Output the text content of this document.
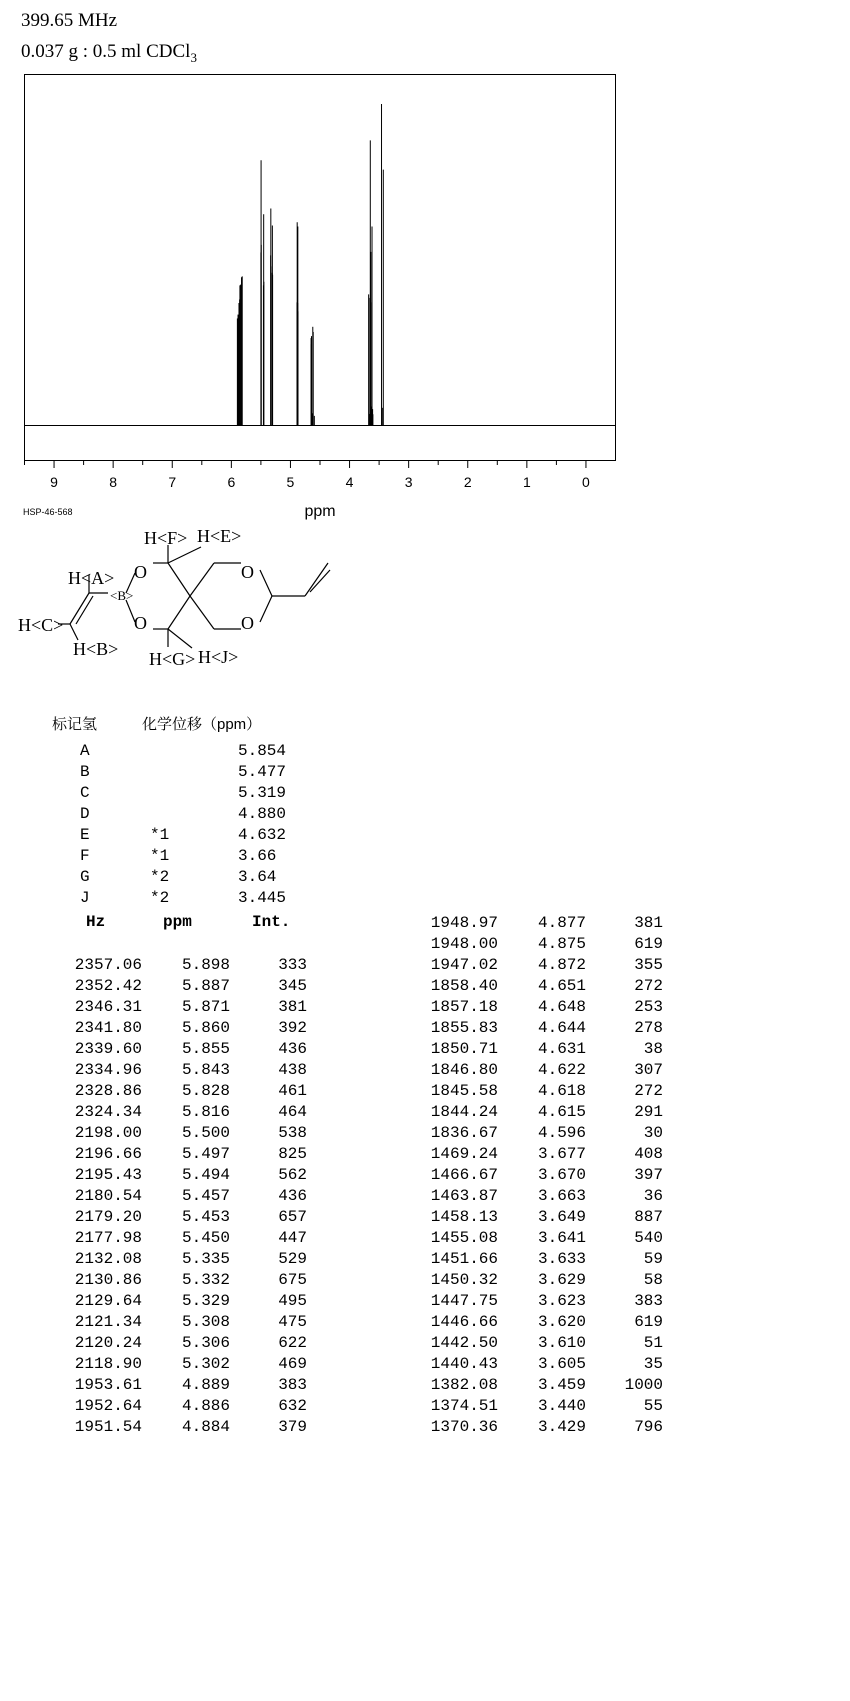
399.65 MHz
0.037 g : 0.5 ml CDCl$_3$
9	8	7	6	5	4	3	2	1	0
ppm
HSP-46-568
H<A>
H<C>
H<B>
<B>
O
O
O
O
H<F> H<E>
H<G> H<J>
标记氢	化学位移（ppm）
A	5.854
B	5.477
C	5.319
D	4.880
E	*1	4.632
F	*1	3.66
G	*2	3.64
J	*2	3.445
Hz	ppm	Int.
2357.06 5.898	333
2352.42 5.887	345
2346.31 5.871	381
2341.80 5.860	392
2339.60 5.855	436
2334.96 5.843	438
2328.86 5.828	461
2324.34 5.816	464
2198.00 5.500	538
2196.66 5.497	825
2195.43 5.494	562
2180.54 5.457	436
2179.20 5.453	657
2177.98 5.450	447
2132.08 5.335	529
2130.86 5.332	675
2129.64 5.329	495
2121.34 5.308	475
2120.24 5.306	622
2118.90 5.302	469
1953.61 4.889	383
1952.64 4.886	632
1951.54 4.884	379
1948.97 4.877	381
1948.00 4.875	619
1947.02 4.872	355
1858.40 4.651	272
1857.18 4.648	253
1855.83 4.644	278
1850.71 4.631	38
1846.80 4.622	307
1845.58 4.618	272
1844.24 4.615	291
1836.67 4.596	30
1469.24 3.677	408
1466.67 3.670	397
1463.87 3.663	36
1458.13 3.649	887
1455.08 3.641	540
1451.66 3.633	59
1450.32 3.629	58
1447.75 3.623	383
1446.66 3.620	619
1442.50 3.610	51
1440.43 3.605	35
1382.08 3.459 1000
1374.51 3.440	55
1370.36 3.429	796
